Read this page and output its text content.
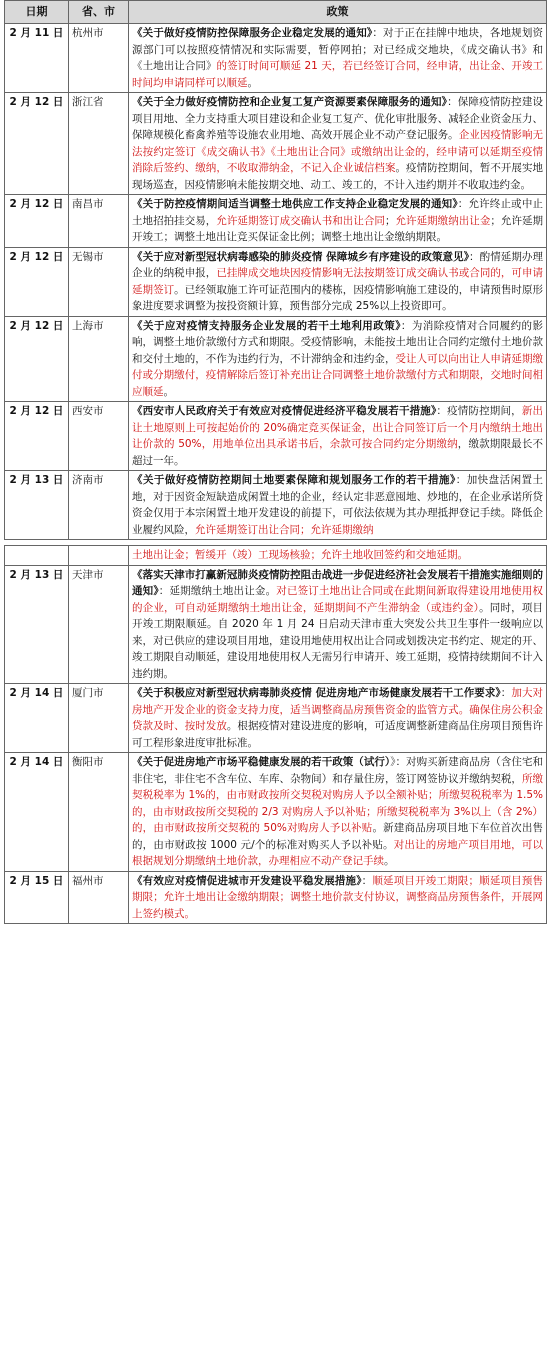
日期	省、市	政策
2 月 11 日	杭州市	《关于做好疫情防控保障服务企业稳定发展的通知》：对于正在挂牌中地块，各地规划资源部门可以按照疫情情况和实际需要，暂停网拍；对已经成交地块，《成交确认书》和《土地出让合同》的签订时间可顺延 21 天，若已经签订合同，经申请，出让金、开竣工时间均申请同样可以顺延。
2 月 12 日	浙江省	《关于全力做好疫情防控和企业复工复产资源要素保障服务的通知》：保障疫情防控建设项目用地、全力支持重大项目建设和企业复工复产、优化审批服务、减轻企业资金压力、保障规模化畜禽养殖等设施农业用地、高效开展企业不动产登记服务。企业因疫情影响无法按约定签订《成交确认书》《土地出让合同》或缴纳出让金的，经申请可以延期至疫情消除后签约、缴纳，不收取滞纳金，不记入企业诚信档案。疫情防控期间，暂不开展实地现场巡查，因疫情影响未能按期交地、动工、竣工的，不计入违约期并不收取违约金。
2 月 12 日	南昌市	《关于防控疫情期间适当调整土地供应工作支持企业稳定发展的通知》：允许终止或中止土地招拍挂交易，允许延期签订成交确认书和出让合同；允许延期缴纳出让金；允许延期开竣工；调整土地出让竞买保证金比例；调整土地出让金缴纳期限。
2 月 12 日	无锡市	《关于应对新型冠状病毒感染的肺炎疫情 保障城乡有序建设的政策意见》：酌情延期办理企业的纳税申报，已挂牌成交地块因疫情影响无法按期签订成交确认书或合同的，可申请延期签订。已经领取施工许可证范围内的楼栋，因疫情影响施工建设的，申请预售时原形象进度要求调整为按投资额计算，预售部分完成 25%以上投资即可。
2 月 12 日	上海市	《关于应对疫情支持服务企业发展的若干土地利用政策》：为消除疫情对合同履约的影响，调整土地价款缴付方式和期限。受疫情影响，未能按土地出让合同约定缴付土地价款和交付土地的，不作为违约行为，不计滞纳金和违约金，受让人可以向出让人申请延期缴付或分期缴付，疫情解除后签订补充出让合同调整土地价款缴付方式和期限，交地时间相应顺延。
2 月 12 日	西安市	《西安市人民政府关于有效应对疫情促进经济平稳发展若干措施》：疫情防控期间，新出让土地原则上可按起始价的 20%确定竞买保证金，出让合同签订后一个月内缴纳土地出让价款的 50%，用地单位出具承诺书后，余款可按合同约定分期缴纳，缴款期限最长不超过一年。
2 月 13 日	济南市	《关于做好疫情防控期间土地要素保障和规划服务工作的若干措施》：加快盘活闲置土地，对于因资金短缺造成闲置土地的企业，经认定非恶意囤地、炒地的，在企业承诺所贷资金仅用于本宗闲置土地开发建设的前提下，可依法依规为其办理抵押登记手续。降低企业履约风险，允许延期签订出让合同；允许延期缴纳

		土地出让金；暂缓开（竣）工现场核验；允许土地收回签约和交地延期。
2 月 13 日	天津市	《落实天津市打赢新冠肺炎疫情防控阻击战进一步促进经济社会发展若干措施实施细则的通知》：延期缴纳土地出让金。对已签订土地出让合同或在此期间新取得建设用地使用权的企业，可自动延期缴纳土地出让金，延期期间不产生滞纳金（或违约金）。同时，项目开竣工期限顺延。自 2020 年 1 月 24 日启动天津市重大突发公共卫生事件一级响应以来，对已供应的建设项目用地，建设用地使用权出让合同或划拨决定书约定、规定的开、竣工期限自动顺延，建设用地使用权人无需另行申请开、竣工延期，疫情持续期间不计入违约期。
2 月 14 日	厦门市	《关于积极应对新型冠状病毒肺炎疫情 促进房地产市场健康发展若干工作要求》：加大对房地产开发企业的资金支持力度，适当调整商品房预售资金的监管方式。确保住房公积金贷款及时、按时发放。根据疫情对建设进度的影响，可适度调整新建商品住房项目预售许可工程形象进度审批标准。
2 月 14 日	衡阳市	《关于促进房地产市场平稳健康发展的若干政策（试行）》：对购买新建商品房（含住宅和非住宅，非住宅不含车位、车库、杂物间）和存量住房，签订网签协议并缴纳契税，所缴契税税率为 1%的，由市财政按所交契税对购房人予以全额补贴；所缴契税税率为 1.5%的，由市财政按所交契税的 2/3 对购房人予以补贴；所缴契税税率为 3%以上（含 2%）的，由市财政按所交契税的 50%对购房人予以补贴。新建商品房项目地下车位首次出售的，由市财政按 1000 元/个的标准对购买人予以补贴。对出让的房地产项目用地，可以根据规划分期缴纳土地价款，办理相应不动产登记手续。
2 月 15 日	福州市	《有效应对疫情促进城市开发建设平稳发展措施》：顺延项目开竣工期限；顺延项目预售期限；允许土地出让金缴纳期限；调整土地价款支付协议，调整商品房预售条件，开展网上签约模式。
